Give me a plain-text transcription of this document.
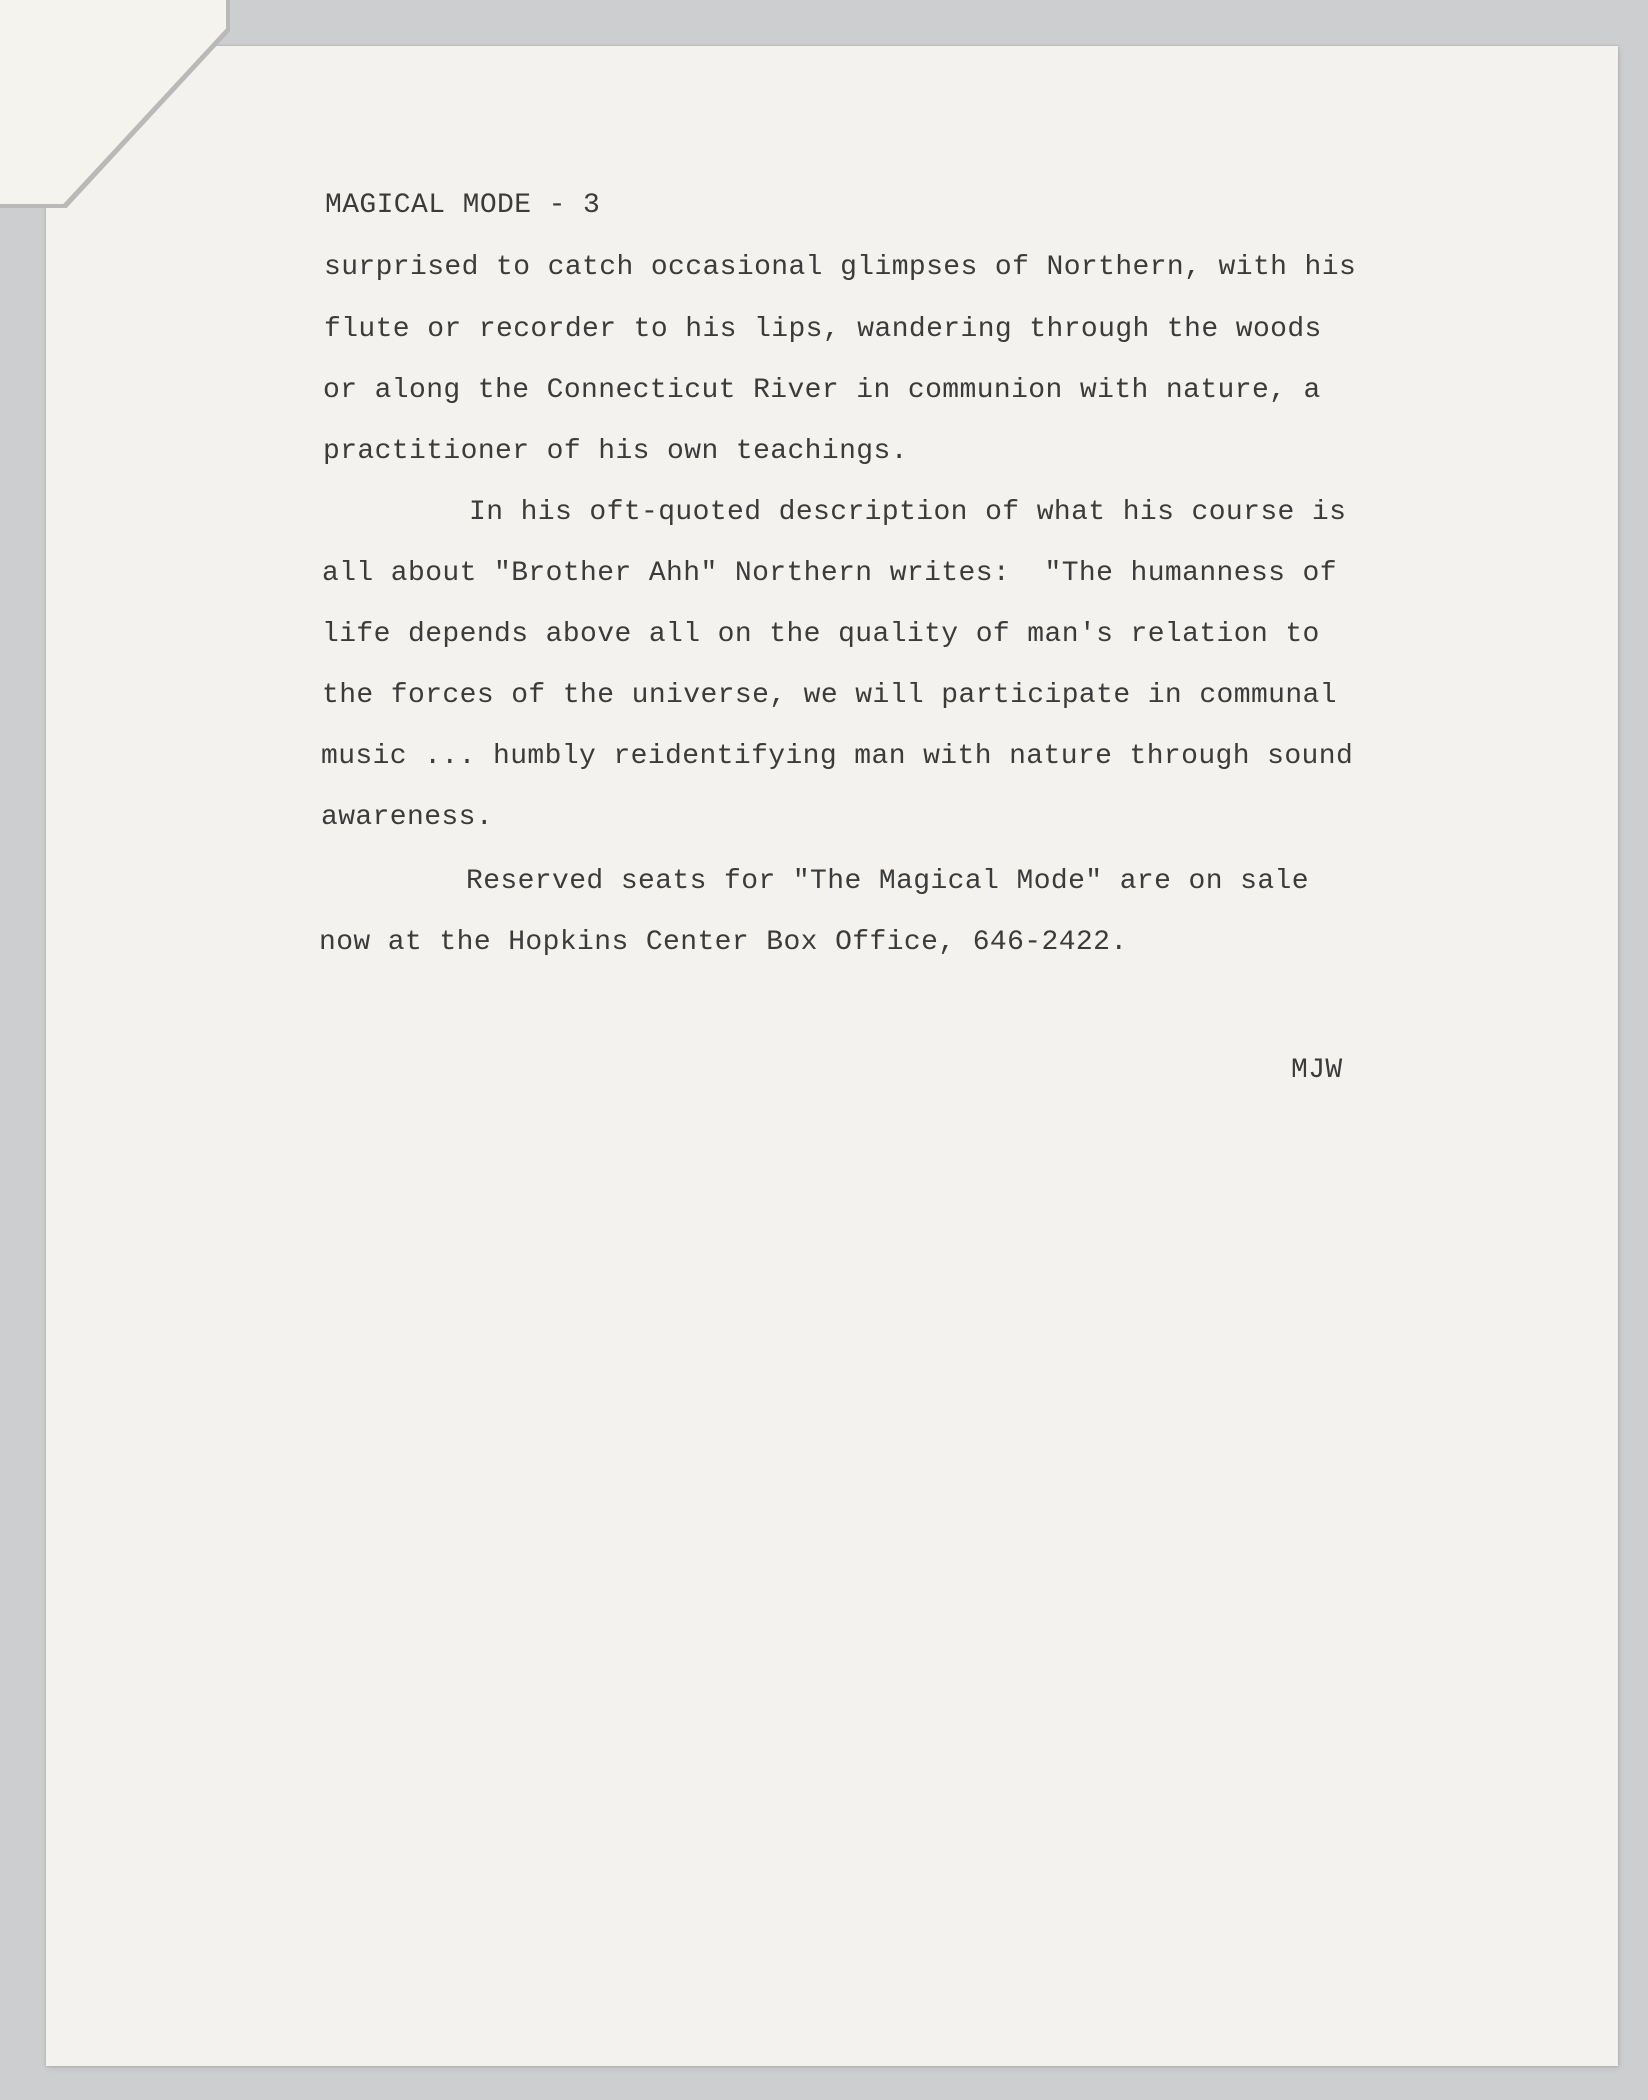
MAGICAL MODE - 3

surprised to catch occasional glimpses of Northern, with his

flute or recorder to his lips, wandering through the woods

or along the Connecticut River in communion with nature, a

practitioner of his own teachings.

In his oft-quoted description of what his course is

all about "Brother Ahh" Northern writes:  "The humanness of

life depends above all on the quality of man's relation to

the forces of the universe, we will participate in communal

music ... humbly reidentifying man with nature through sound

awareness.

Reserved seats for "The Magical Mode" are on sale

now at the Hopkins Center Box Office, 646-2422.

MJW
